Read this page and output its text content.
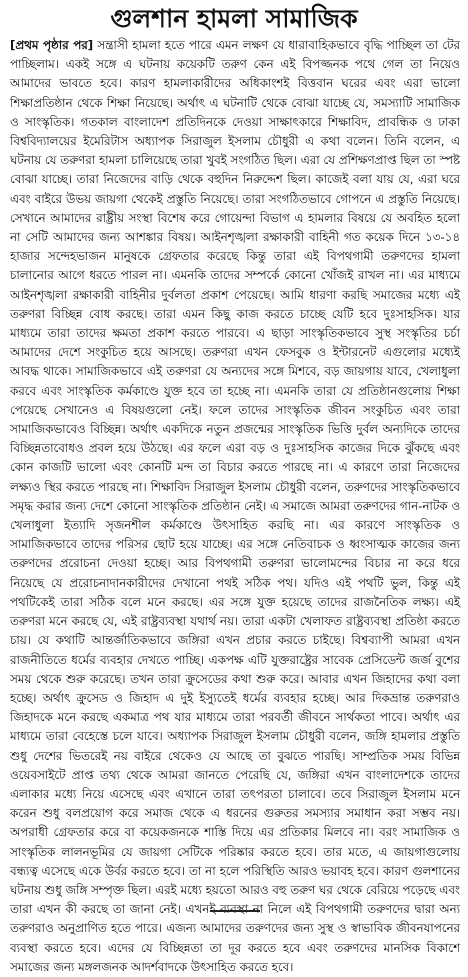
গুলশান হামলা সামাজিক

[প্রথম পৃষ্ঠার পর] সন্ত্রাসী হামলা হতে পারে এমন লক্ষণ যে ধারাবাহিকভাবে বৃদ্ধি পাচ্ছিল তা টের পাচ্ছিলাম। একই সঙ্গে এ ঘটনায় কয়েকটি তরুণ কেন এই বিপজ্জনক পথে গেল তা নিয়েও আমাদের ভাবতে হবে। কারণ হামলাকারীদের অধিকাংশই বিত্তবান ঘরের এবং এরা ভালো শিক্ষাপ্রতিষ্ঠান থেকে শিক্ষা নিয়েছে। অর্থাৎ এ ঘটনাটি থেকে বোঝা যাচ্ছে যে, সমস্যাটি সামাজিক ও সাংস্কৃতিক। গতকাল বাংলাদেশ প্রতিদিনকে দেওয়া সাক্ষাৎকারে শিক্ষাবিদ, প্রাবন্ধিক ও ঢাকা বিশ্ববিদ্যালয়ের ইমেরিটাস অধ্যাপক সিরাজুল ইসলাম চৌধুরী এ কথা বলেন। তিনি বলেন, এ ঘটনায় যে তরুণরা হামলা চালিয়েছে তারা খুবই সংগঠিত ছিল। এরা যে প্রশিক্ষণপ্রাপ্ত ছিল তা স্পষ্ট বোঝা যাচ্ছে। তারা নিজেদের বাড়ি থেকে বহুদিন নিরুদ্দেশ ছিল। কাজেই বলা যায় যে, এরা ঘরে এবং বাইরে উভয় জায়গা থেকেই প্রস্তুতি নিয়েছে। তারা সংগঠিতভাবে গোপনে এ প্রস্তুতি নিয়েছে। সেখানে আমাদের রাষ্ট্রীয় সংস্থা বিশেষ করে গোয়েন্দা বিভাগ এ হামলার বিষয়ে যে অবহিত হলো না সেটি আমাদের জন্য আশঙ্কার বিষয়। আইনশৃঙ্খলা রক্ষাকারী বাহিনী গত কয়েক দিনে ১৩-১৪ হাজার সন্দেহভাজন মানুষকে গ্রেফতার করেছে কিন্তু তারা এই বিপথগামী তরুণদের হামলা চালানোর আগে ধরতে পারল না। এমনকি তাদের সম্পর্কে কোনো খোঁজই রাখল না। এর মাধ্যমে আইনশৃঙ্খলা রক্ষাকারী বাহিনীর দুর্বলতা প্রকাশ পেয়েছে। আমি ধারণা করছি সমাজের মধ্যে এই তরুণরা বিচ্ছিন্ন বোধ করছে। তারা এমন কিছু কাজ করতে চাচ্ছে যেটি হবে দুঃসাহসিক। যার মাধ্যমে তারা তাদের ক্ষমতা প্রকাশ করতে পারবে। এ ছাড়া সাংস্কৃতিকভাবে সুস্থ সংস্কৃতির চর্চা আমাদের দেশে সংকুচিত হয়ে আসছে। তরুণরা এখন ফেসবুক ও ইন্টারনেট এগুলোর মধ্যেই আবদ্ধ থাকে। সামাজিকভাবে এই তরুণরা যে অন্যদের সঙ্গে মিশবে, বড় জায়গায় যাবে, খেলাধুলা করবে এবং সাংস্কৃতিক কর্মকাণ্ডে যুক্ত হবে তা হচ্ছে না। এমনকি তারা যে প্রতিষ্ঠানগুলোয় শিক্ষা পেয়েছে সেখানেও এ বিষয়গুলো নেই। ফলে তাদের সাংস্কৃতিক জীবন সংকুচিত এবং তারা সামাজিকভাবেও বিচ্ছিন্ন। অর্থাৎ একদিকে নতুন প্রজন্মের সাংস্কৃতিক ভিত্তি দুর্বল অন্যদিকে তাদের বিচ্ছিন্নতাবোধও প্রবল হয়ে উঠছে। এর ফলে এরা বড় ও দুঃসাহসিক কাজের দিকে ঝুঁকছে এবং কোন কাজটি ভালো এবং কোনটি মন্দ তা বিচার করতে পারছে না। এ কারণে তারা নিজেদের লক্ষ্যও স্থির করতে পারছে না। শিক্ষাবিদ সিরাজুল ইসলাম চৌধুরী বলেন, তরুণদের সাংস্কৃতিকভাবে সমৃদ্ধ করার জন্য দেশে কোনো সাংস্কৃতিক প্রতিষ্ঠান নেই। এ সমাজে আমরা তরুণদের গান-নাটক ও খেলাধুলা ইত্যাদি সৃজনশীল কর্মকাণ্ডে উৎসাহিত করছি না। এর কারণে সাংস্কৃতিক ও সামাজিকভাবে তাদের পরিসর ছোট হয়ে যাচ্ছে। এর সঙ্গে নেতিবাচক ও ধ্বংসাত্মক কাজের জন্য তরুণদের প্ররোচনা দেওয়া হচ্ছে। আর বিপথগামী তরুণরা ভালোমন্দের বিচার না করে ধরে নিয়েছে যে প্ররোচনাদানকারীদের দেখানো পথই সঠিক পথ। যদিও এই পথটি ভুল, কিন্তু এই পথটিকেই তারা সঠিক বলে মনে করছে। এর সঙ্গে যুক্ত হয়েছে তাদের রাজনৈতিক লক্ষ্য। এই তরুণরা মনে করছে যে, এই রাষ্ট্রব্যবস্থা যথার্থ নয়। তারা একটা খেলাফত রাষ্ট্রব্যবস্থা প্রতিষ্ঠা করতে চায়। যে কথাটি আন্তর্জাতিকভাবে জঙ্গিরা এখন প্রচার করতে চাইছে। বিশ্বব্যাপী আমরা এখন রাজনীতিতে ধর্মের ব্যবহার দেখতে পাচ্ছি। একপক্ষ এটি যুক্তরাষ্ট্রের সাবেক প্রেসিডেন্ট জর্জ বুশের সময় থেকে শুরু করেছে। তখন তারা ক্রুসেডের কথা শুরু করে। আবার এখন জিহাদের কথা বলা হচ্ছে। অর্থাৎ ক্রুসেড ও জিহাদ এ দুই ইস্যুতেই ধর্মের ব্যবহার হচ্ছে। আর দিকভ্রান্ত তরুণরাও জিহাদকে মনে করছে একমাত্র পথ যার মাধ্যমে তারা পরবর্তী জীবনে সার্থকতা পাবে। অর্থাৎ এর মাধ্যমে তারা বেহেস্তে চলে যাবে। অধ্যাপক সিরাজুল ইসলাম চৌধুরী বলেন, জঙ্গি হামলার প্রস্তুতি শুধু দেশের ভিতরেই নয় বাইরে থেকেও যে আছে তা বুঝতে পারছি। সাম্প্রতিক সময় বিভিন্ন ওয়েবসাইটে প্রাপ্ত তথ্য থেকে আমরা জানতে পেরেছি যে, জঙ্গিরা এখন বাংলাদেশকে তাদের এলাকার মধ্যে নিয়ে এসেছে এবং এখানে তারা তৎপরতা চালাবে। তবে সিরাজুল ইসলাম মনে করেন শুধু বলপ্রয়োগ করে সমাজ থেকে এ ধরনের গুরুতর সমস্যার সমাধান করা সম্ভব নয়। অপরাধী গ্রেফতার করে বা কয়েকজনকে শাস্তি দিয়ে এর প্রতিকার মিলবে না। বরং সামাজিক ও সাংস্কৃতিক লালনভূমির যে জায়গা সেটিকে পরিষ্কার করতে হবে। তার মতে, এ জায়গাগুলোয় বন্ধ্যত্ব এসেছে একে উর্বর করতে হবে। তা না হলে পরিস্থিতি আরও ভয়াবহ হবে। কারণ গুলশানের ঘটনায় শুধু জঙ্গি সম্পৃক্ত ছিল। এরই মধ্যে হয়তো আরও বহু তরুণ ঘর থেকে বেরিয়ে পড়েছে এবং তারা এখন কী করছে তা জানা নেই। এখনই ব্যবস্থা না নিলে এই বিপথগামী তরুণদের দ্বারা অন্য তরুণরাও অনুপ্রাণিত হতে পারে। এজন্য আমাদের তরুণদের জন্য সুস্থ ও স্বাভাবিক জীবনযাপনের ব্যবস্থা করতে হবে। এদের যে বিচ্ছিন্নতা তা দূর করতে হবে এবং তরুণদের মানসিক বিকাশে সমাজের জন্য মঙ্গলজনক আদর্শবাদকে উৎসাহিত করতে হবে।
